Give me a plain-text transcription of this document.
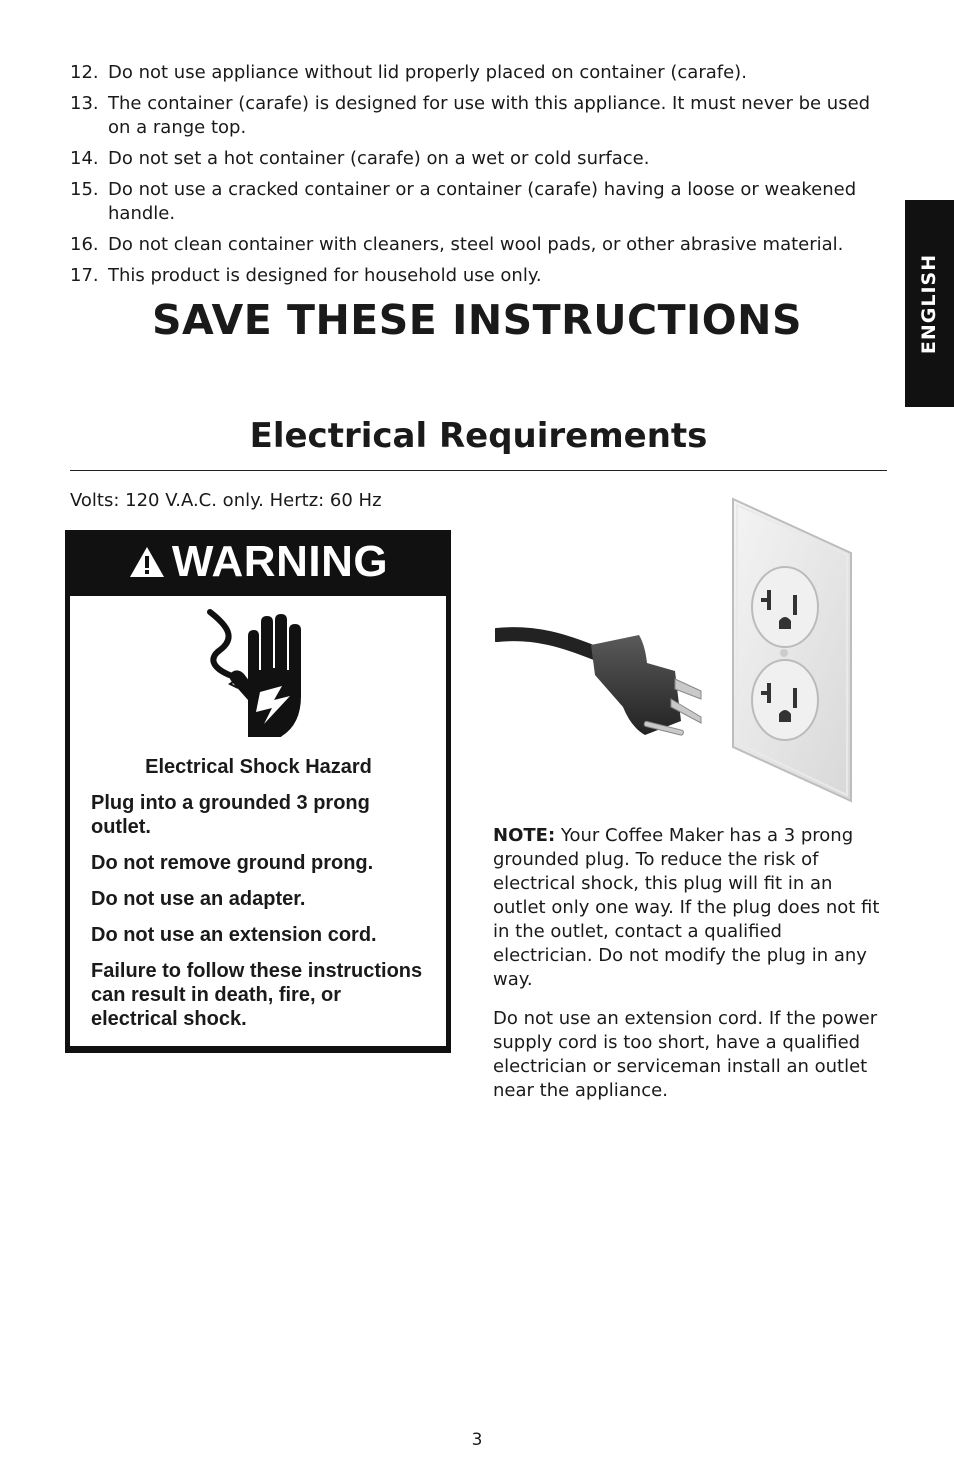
12. Do not use appliance without lid properly placed on container (carafe).
13. The container (carafe) is designed for use with this appliance. It must never be used on a range top.
14. Do not set a hot container (carafe) on a wet or cold surface.
15. Do not use a cracked container or a container (carafe) having a loose or weakened handle.
16. Do not clean container with cleaners, steel wool pads, or other abrasive material.
17. This product is designed for household use only.
SAVE THESE INSTRUCTIONS	ENGLISH
Electrical Requirements
Volts: 120 V.A.C. only. Hertz: 60 Hz
WARNING
Electrical Shock Hazard
Plug into a grounded 3 prong outlet.
Do not remove ground prong.
Do not use an adapter.
Do not use an extension cord.
Failure to follow these instructions can result in death, fire, or electrical shock.

NOTE: Your Coffee Maker has a 3 prong grounded plug. To reduce the risk of electrical shock, this plug will fit in an outlet only one way. If the plug does not fit in the outlet, contact a qualified electrician. Do not modify the plug in any way.

Do not use an extension cord. If the power supply cord is too short, have a qualified electrician or serviceman install an outlet near the appliance.

3
